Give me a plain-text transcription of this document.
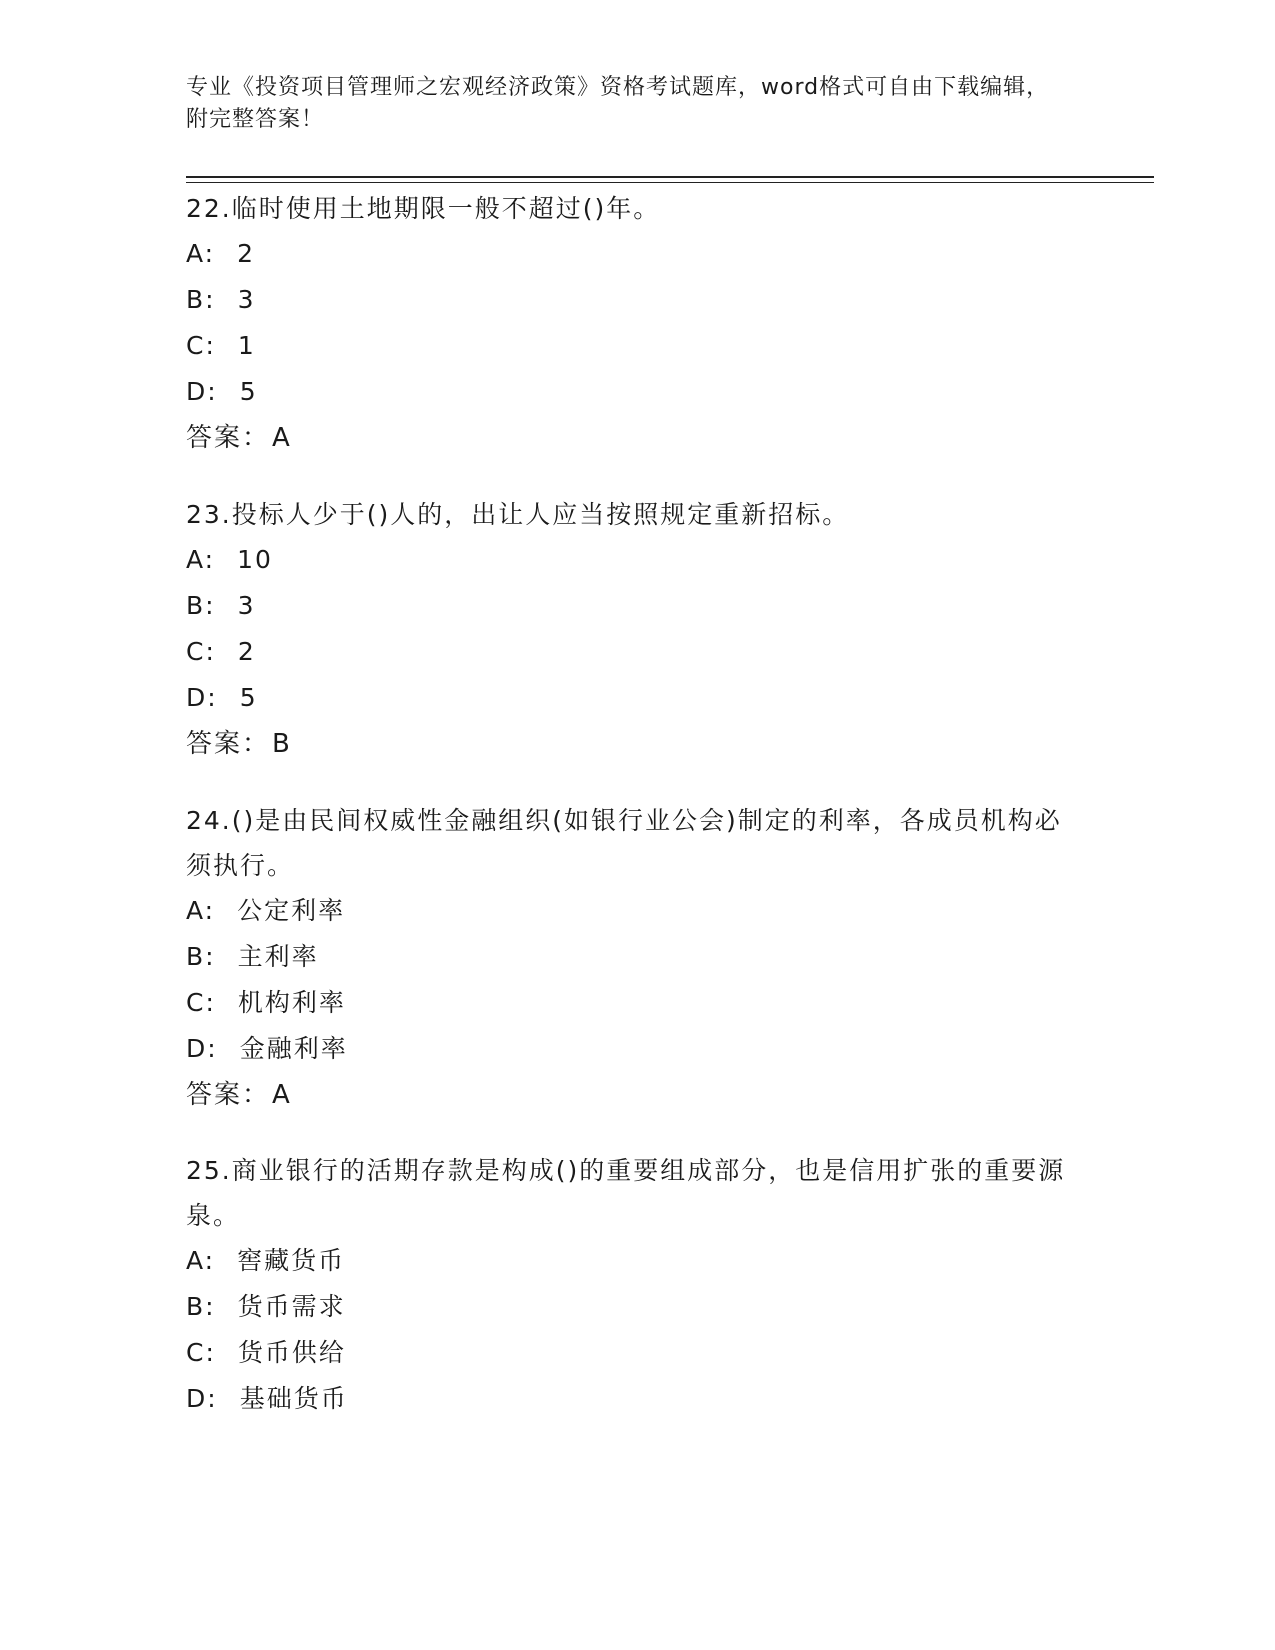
专业《投资项目管理师之宏观经济政策》资格考试题库，word格式可自由下载编辑，附完整答案！

22.临时使用土地期限一般不超过()年。

A: 2

B: 3

C: 1

D: 5

答案：A

23.投标人少于()人的，出让人应当按照规定重新招标。

A: 10

B: 3

C: 2

D: 5

答案：B

24.()是由民间权威性金融组织(如银行业公会)制定的利率，各成员机构必须执行。

A: 公定利率

B: 主利率

C: 机构利率

D: 金融利率

答案：A

25.商业银行的活期存款是构成()的重要组成部分，也是信用扩张的重要源泉。

A: 窖藏货币

B: 货币需求

C: 货币供给

D: 基础货币
